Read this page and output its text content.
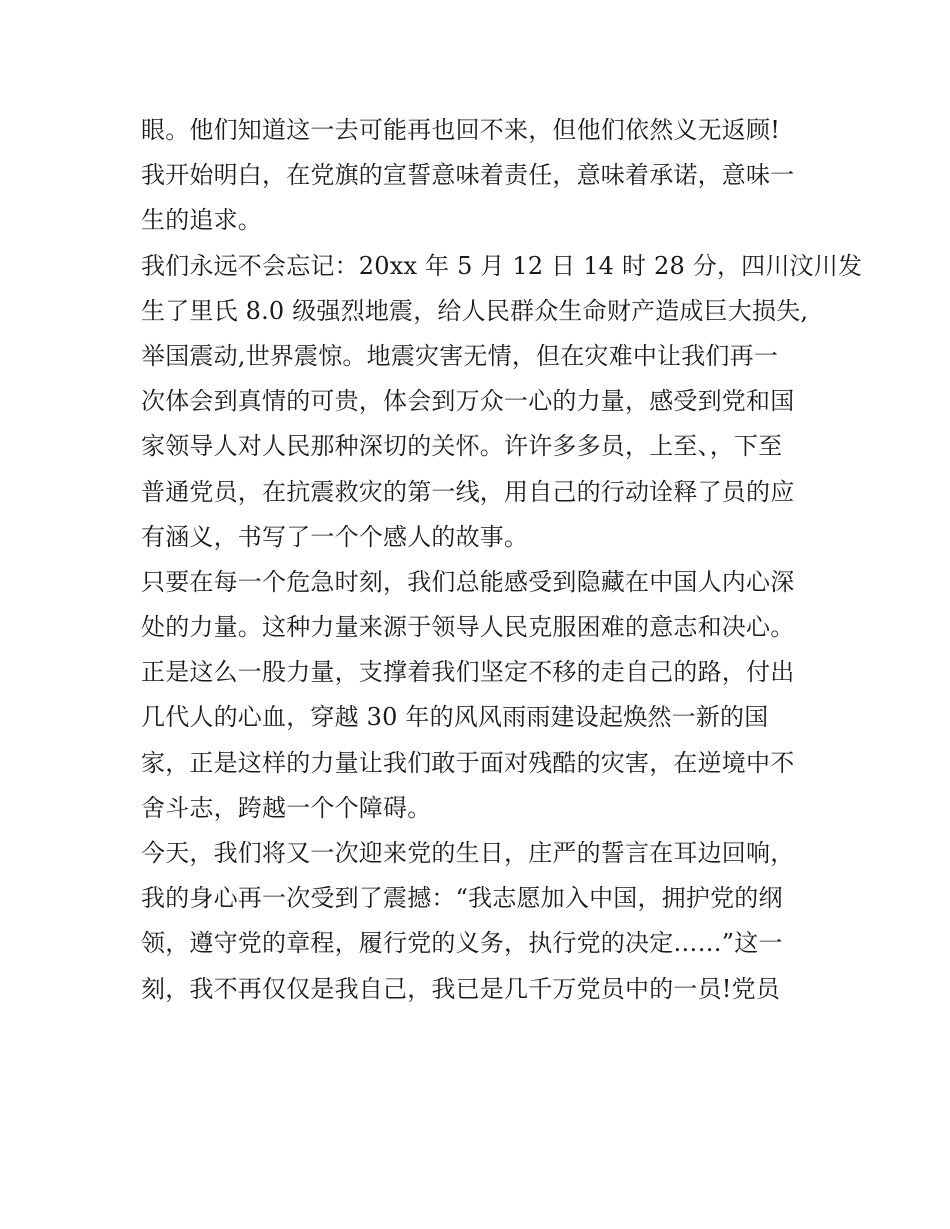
眼。他们知道这一去可能再也回不来，但他们依然义无返顾!
我开始明白，在党旗的宣誓意味着责任，意味着承诺，意味一
生的追求。
我们永远不会忘记：20xx 年 5 月 12 日 14 时 28 分，四川汶川发
生了里氏 8.0 级强烈地震，给人民群众生命财产造成巨大损失,
举国震动,世界震惊。地震灾害无情，但在灾难中让我们再一
次体会到真情的可贵，体会到万众一心的力量，感受到党和国
家领导人对人民那种深切的关怀。许许多多员，上至、，下至
普通党员，在抗震救灾的第一线，用自己的行动诠释了员的应
有涵义，书写了一个个感人的故事。
只要在每一个危急时刻，我们总能感受到隐藏在中国人内心深
处的力量。这种力量来源于领导人民克服困难的意志和决心。
正是这么一股力量，支撑着我们坚定不移的走自己的路，付出
几代人的心血，穿越 30 年的风风雨雨建设起焕然一新的国
家，正是这样的力量让我们敢于面对残酷的灾害，在逆境中不
舍斗志，跨越一个个障碍。
今天，我们将又一次迎来党的生日，庄严的誓言在耳边回响，
我的身心再一次受到了震撼：“我志愿加入中国，拥护党的纲
领，遵守党的章程，履行党的义务，执行党的决定……”这一
刻，我不再仅仅是我自己，我已是几千万党员中的一员!党员
